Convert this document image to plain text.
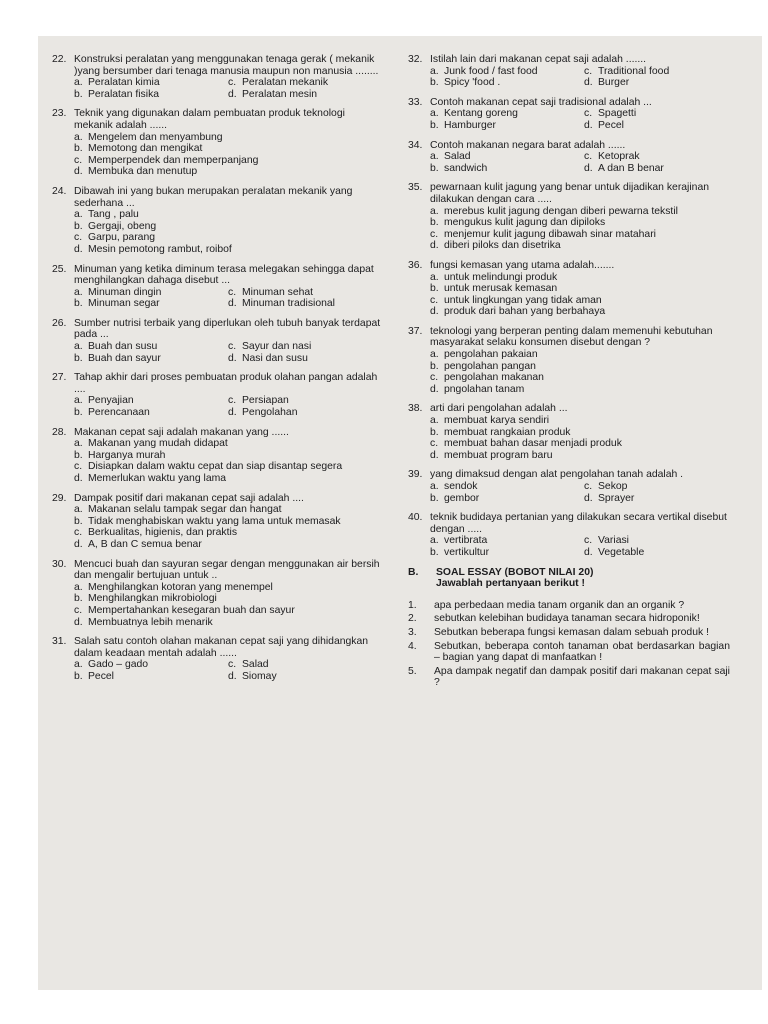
22. Konstruksi peralatan yang menggunakan tenaga gerak ( mekanik )yang bersumber dari tenaga manusia maupun non manusia ........
a. Peralatan kimia	c. Peralatan mekanik
b. Peralatan fisika	d. Peralatan mesin
23. Teknik yang digunakan dalam pembuatan produk teknologi mekanik adalah ......
a. Mengelem dan menyambung
b. Memotong dan mengikat
c. Memperpendek dan memperpanjang
d. Membuka dan menutup
24. Dibawah ini yang bukan merupakan peralatan mekanik yang sederhana ...
a. Tang , palu
b. Gergaji, obeng
c. Garpu, parang
d. Mesin pemotong rambut, roibof
25. Minuman yang ketika diminum terasa melegakan sehingga dapat menghilangkan dahaga disebut ...
a. Minuman dingin	c. Minuman sehat
b. Minuman segar	d. Minuman tradisional
26. Sumber nutrisi terbaik yang diperlukan oleh tubuh banyak terdapat pada ...
a. Buah dan susu	c. Sayur dan nasi
b. Buah dan sayur	d. Nasi dan susu
27. Tahap akhir dari proses pembuatan produk olahan pangan adalah ....
a. Penyajian	c. Persiapan
b. Perencanaan	d. Pengolahan
28. Makanan cepat saji adalah makanan yang ......
a. Makanan yang mudah didapat
b. Harganya murah
c. Disiapkan dalam waktu cepat dan siap disantap segera
d. Memerlukan waktu yang lama
29. Dampak positif dari makanan cepat saji adalah ....
a. Makanan selalu tampak segar dan hangat
b. Tidak menghabiskan waktu yang lama untuk memasak
c. Berkualitas, higienis, dan praktis
d. A, B dan C semua benar
30. Mencuci buah dan sayuran segar dengan menggunakan air bersih dan mengalir bertujuan untuk ..
a. Menghilangkan kotoran yang menempel
b. Menghilangkan mikrobiologi
c. Mempertahankan kesegaran buah dan sayur
d. Membuatnya lebih menarik
31. Salah satu contoh olahan makanan cepat saji yang dihidangkan dalam keadaan mentah adalah ......
a. Gado – gado	c. Salad
b. Pecel	d. Siomay
32. Istilah lain dari makanan cepat saji adalah .......
a. Junk food / fast food	c. Traditional food
b. Spicy 'food .	d. Burger
33. Contoh makanan cepat saji tradisional adalah ...
a. Kentang goreng	c. Spagetti
b. Hamburger	d. Pecel
34. Contoh makanan negara barat adalah ......
a. Salad	c. Ketoprak
b. sandwich	d. A dan B benar
35. pewarnaan kulit jagung yang benar untuk dijadikan kerajinan dilakukan dengan cara .....
a. merebus kulit jagung dengan diberi pewarna tekstil
b. mengukus kulit jagung dan dipiloks
c. menjemur kulit jagung dibawah sinar matahari
d. diberi piloks dan disetrika
36. fungsi kemasan yang utama adalah.......
a. untuk melindungi produk
b. untuk merusak kemasan
c. untuk lingkungan yang tidak aman
d. produk dari bahan yang berbahaya
37. teknologi yang berperan penting dalam memenuhi kebutuhan masyarakat selaku konsumen disebut dengan ?
a. pengolahan pakaian
b. pengolahan pangan
c. pengolahan makanan
d. pngolahan tanam
38. arti dari pengolahan adalah ...
a. membuat karya sendiri
b. membuat rangkaian produk
c. membuat bahan dasar menjadi produk
d. membuat program baru
39. yang dimaksud dengan alat pengolahan tanah adalah .
a. sendok	c. Sekop
b. gembor	d. Sprayer
40. teknik budidaya pertanian yang dilakukan secara vertikal disebut dengan .....
a. vertibrata	c. Variasi
b. vertikultur	d. Vegetable
B.	SOAL ESSAY (BOBOT NILAI 20)
Jawablah pertanyaan berikut !
1.	apa perbedaan media tanam organik dan an organik ?
2.	sebutkan kelebihan budidaya tanaman secara hidroponik!
3.	Sebutkan beberapa fungsi kemasan dalam sebuah produk !
4.	Sebutkan, beberapa contoh tanaman obat berdasarkan bagian – bagian yang dapat di manfaatkan !
5.	Apa dampak negatif dan dampak positif dari makanan cepat saji ?
